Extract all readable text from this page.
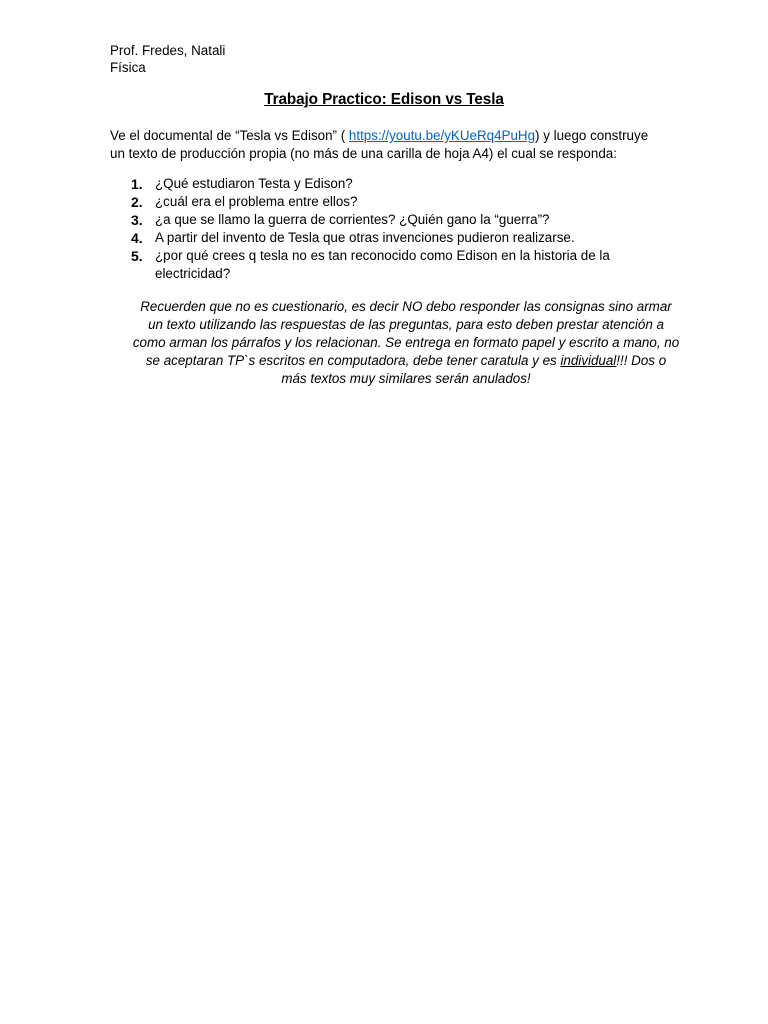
Prof. Fredes, Natali

Física

Trabajo Practico: Edison vs Tesla

Ve el documental de “Tesla vs Edison” ( https://youtu.be/yKUeRq4PuHg) y luego construye un texto de producción propia (no más de una carilla de hoja A4) el cual se responda:

1. ¿Qué estudiaron Testa y Edison?
2. ¿cuál era el problema entre ellos?
3. ¿a que se llamo la guerra de corrientes? ¿Quién gano la “guerra”?
4. A partir del invento de Tesla que otras invenciones pudieron realizarse.
5. ¿por qué crees q tesla no es tan reconocido como Edison en la historia de la electricidad?

Recuerden que no es cuestionario, es decir NO debo responder las consignas sino armar un texto utilizando las respuestas de las preguntas, para esto deben prestar atención a como arman los párrafos y los relacionan. Se entrega en formato papel y escrito a mano, no se aceptaran TP`s escritos en computadora, debe tener caratula y es individual!!! Dos o más textos muy similares serán anulados!
